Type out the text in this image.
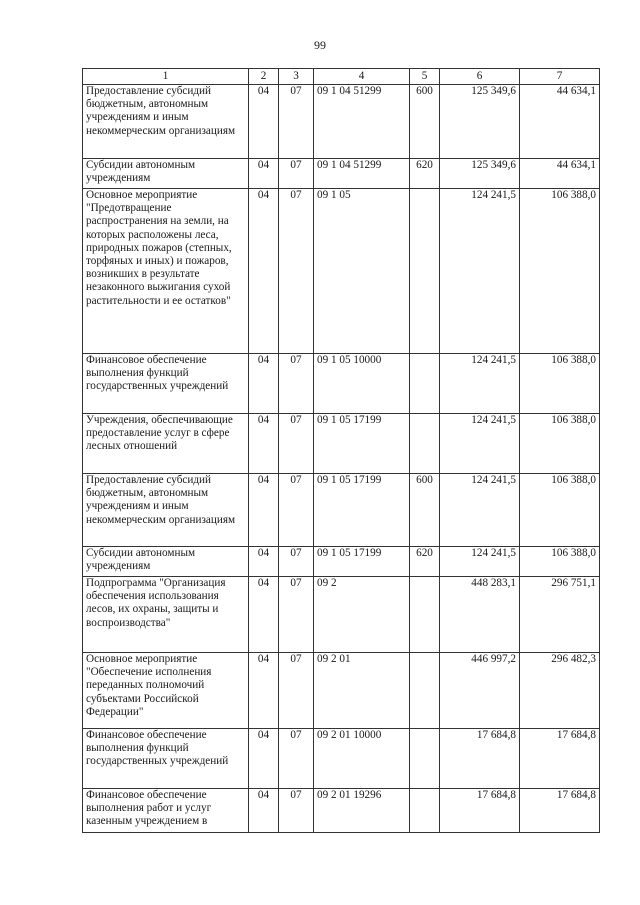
99
1	2	3	4	5	6	7
Предоставление субсидий бюджетным, автономным учреждениям и иным некоммерческим организациям	04	07	09 1 04 51299	600	125 349,6	44 634,1
Субсидии автономным учреждениям	04	07	09 1 04 51299	620	125 349,6	44 634,1
Основное мероприятие "Предотвращение распространения на земли, на которых расположены леса, природных пожаров (степных, торфяных и иных) и пожаров, возникших в результате незаконного выжигания сухой растительности и ее остатков"	04	07	09 1 05		124 241,5	106 388,0
Финансовое обеспечение выполнения функций государственных учреждений	04	07	09 1 05 10000		124 241,5	106 388,0
Учреждения, обеспечивающие предоставление услуг в сфере лесных отношений	04	07	09 1 05 17199		124 241,5	106 388,0
Предоставление субсидий бюджетным, автономным учреждениям и иным некоммерческим организациям	04	07	09 1 05 17199	600	124 241,5	106 388,0
Субсидии автономным учреждениям	04	07	09 1 05 17199	620	124 241,5	106 388,0
Подпрограмма "Организация обеспечения использования лесов, их охраны, защиты и воспроизводства"	04	07	09 2		448 283,1	296 751,1
Основное мероприятие "Обеспечение исполнения переданных полномочий субъектами Российской Федерации"	04	07	09 2 01		446 997,2	296 482,3
Финансовое обеспечение выполнения функций государственных учреждений	04	07	09 2 01 10000		17 684,8	17 684,8
Финансовое обеспечение выполнения работ и услуг казенным учреждением в	04	07	09 2 01 19296		17 684,8	17 684,8
